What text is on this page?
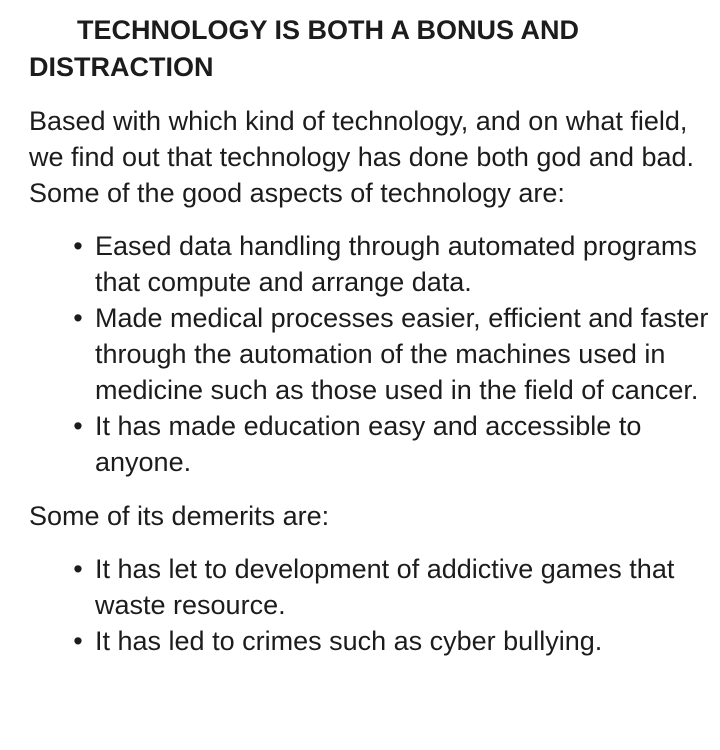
TECHNOLOGY IS BOTH A BONUS AND DISTRACTION

Based with which kind of technology, and on what field, we find out that technology has done both god and bad. Some of the good aspects of technology are:

• Eased data handling through automated programs that compute and arrange data.
• Made medical processes easier, efficient and faster through the automation of the machines used in medicine such as those used in the field of cancer.
• It has made education easy and accessible to anyone.

Some of its demerits are:

• It has let to development of addictive games that waste resource.
• It has led to crimes such as cyber bullying.
